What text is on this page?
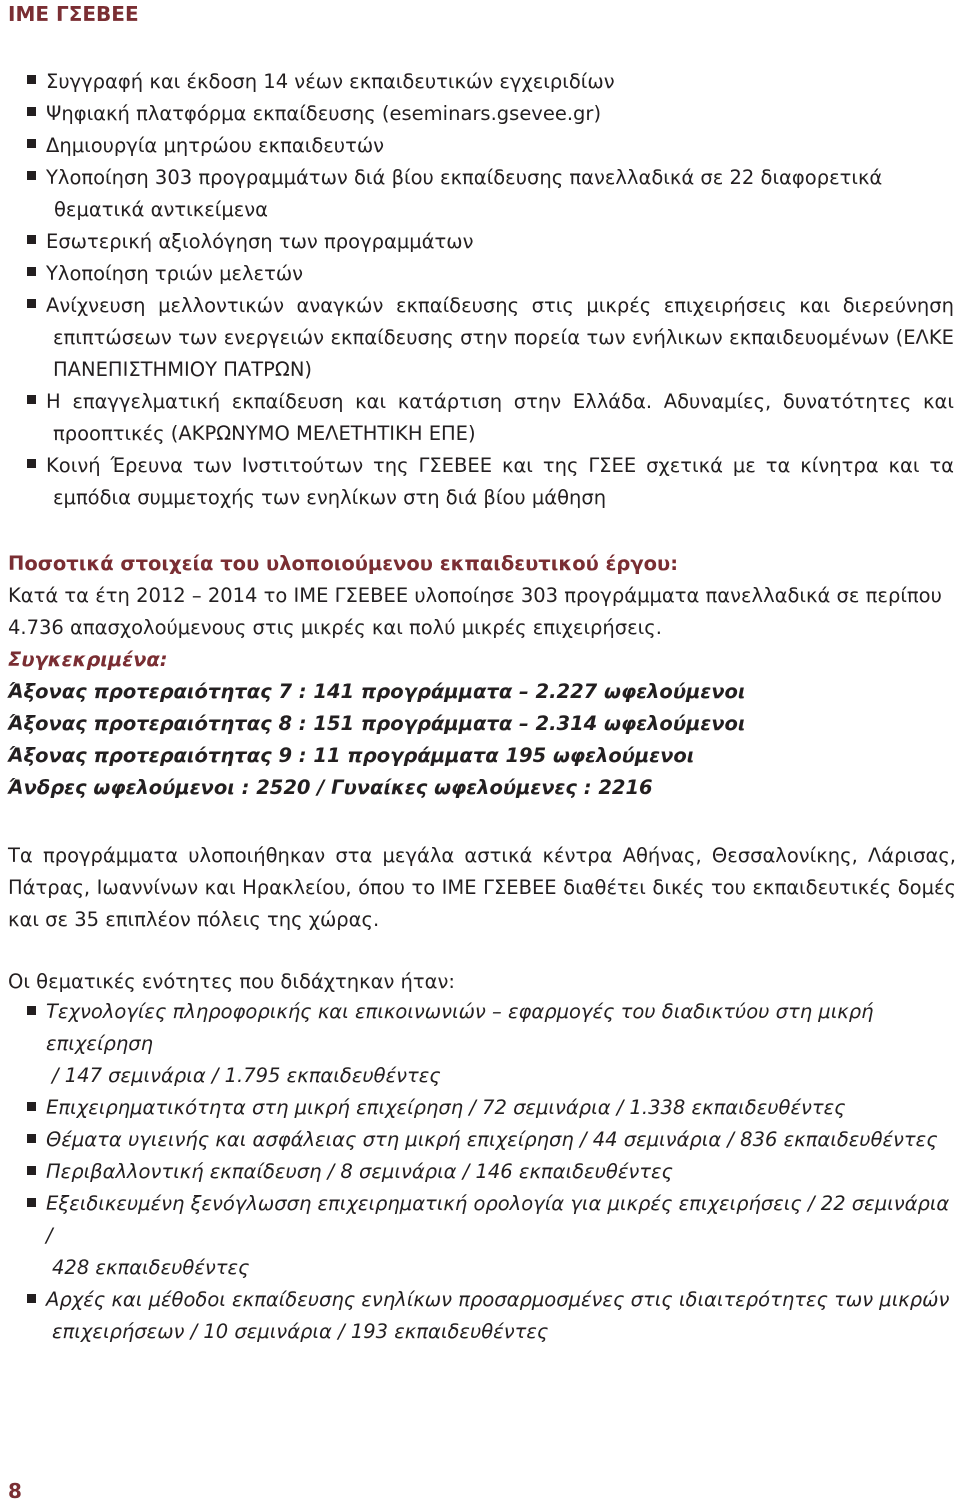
ΙΜΕ ΓΣΕΒΕΕ
Συγγραφή και έκδοση 14 νέων εκπαιδευτικών εγχειριδίων
Ψηφιακή πλατφόρμα εκπαίδευσης (eseminars.gsevee.gr)
Δημιουργία μητρώου εκπαιδευτών
Υλοποίηση 303 προγραμμάτων διά βίου εκπαίδευσης πανελλαδικά σε 22 διαφορετικά
θεματικά αντικείμενα
Εσωτερική αξιολόγηση των προγραμμάτων
Υλοποίηση τριών μελετών
Ανίχνευση μελλοντικών αναγκών εκπαίδευσης στις μικρές επιχειρήσεις και διερεύνηση επιπτώσεων των ενεργειών εκπαίδευσης στην πορεία των ενήλικων εκπαιδευομένων (ΕΛΚΕ ΠΑΝΕΠΙΣΤΗΜΙΟΥ ΠΑΤΡΩΝ)
Η επαγγελματική εκπαίδευση και κατάρτιση στην Ελλάδα. Αδυναμίες, δυνατότητες και προοπτικές (ΑΚΡΩΝΥΜΟ ΜΕΛΕΤΗΤΙΚΗ ΕΠΕ)
Κοινή Έρευνα των Ινστιτούτων της ΓΣΕΒΕΕ και της ΓΣΕΕ σχετικά με τα κίνητρα και τα εμπόδια συμμετοχής των ενηλίκων στη διά βίου μάθηση

Ποσοτικά στοιχεία του υλοποιούμενου εκπαιδευτικού έργου:

Κατά τα έτη 2012 – 2014 το ΙΜΕ ΓΣΕΒΕΕ υλοποίησε 303 προγράμματα πανελλαδικά σε περίπου 4.736 απασχολούμενους στις μικρές και πολύ μικρές επιχειρήσεις.

Συγκεκριμένα:

Άξονας προτεραιότητας 7 : 141 προγράμματα – 2.227 ωφελούμενοι

Άξονας προτεραιότητας 8 : 151 προγράμματα – 2.314 ωφελούμενοι

Άξονας προτεραιότητας 9 : 11 προγράμματα 195 ωφελούμενοι

Άνδρες ωφελούμενοι : 2520 / Γυναίκες ωφελούμενες : 2216

Τα προγράμματα υλοποιήθηκαν στα μεγάλα αστικά κέντρα Αθήνας, Θεσσαλονίκης, Λάρισας, Πάτρας, Ιωαννίνων και Ηρακλείου, όπου το ΙΜΕ ΓΣΕΒΕΕ διαθέτει δικές του εκπαιδευτικές δομές και σε 35 επιπλέον πόλεις της χώρας.

Οι θεματικές ενότητες που διδάχτηκαν ήταν:

Τεχνολογίες πληροφορικής και επικοινωνιών – εφαρμογές του διαδικτύου στη μικρή επιχείρηση
/ 147 σεμινάρια / 1.795 εκπαιδευθέντες
Επιχειρηματικότητα στη μικρή επιχείρηση / 72 σεμινάρια / 1.338 εκπαιδευθέντες
Θέματα υγιεινής και ασφάλειας στη μικρή επιχείρηση / 44 σεμινάρια / 836 εκπαιδευθέντες
Περιβαλλοντική εκπαίδευση / 8 σεμινάρια / 146 εκπαιδευθέντες
Εξειδικευμένη ξενόγλωσση επιχειρηματική ορολογία για μικρές επιχειρήσεις / 22 σεμινάρια /
428 εκπαιδευθέντες
Αρχές και μέθοδοι εκπαίδευσης ενηλίκων προσαρμοσμένες στις ιδιαιτερότητες των μικρών
επιχειρήσεων / 10 σεμινάρια / 193 εκπαιδευθέντες
8
